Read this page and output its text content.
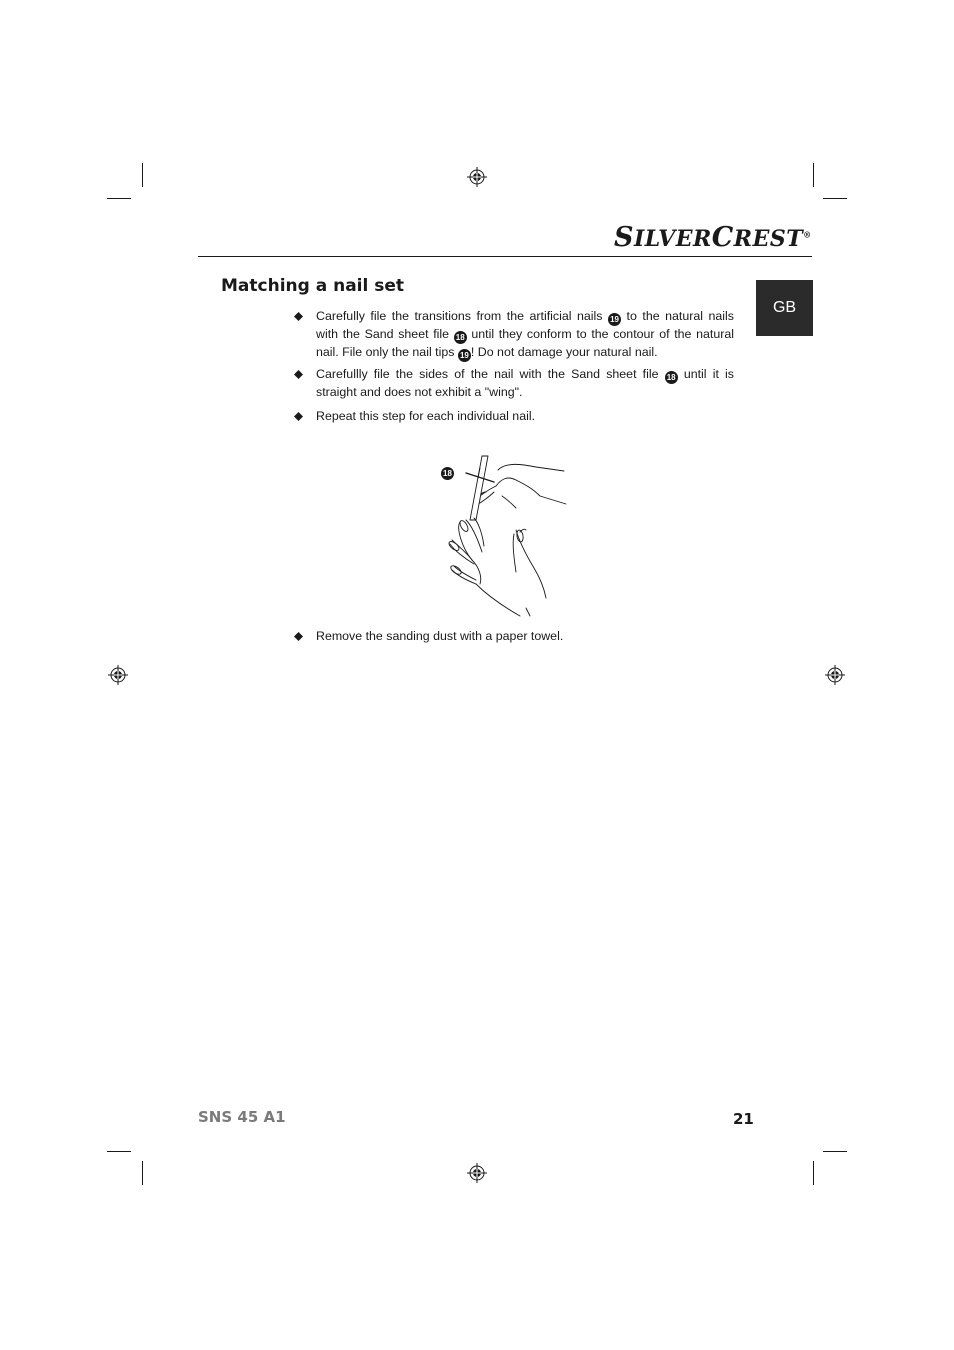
SILVERCREST®
GB
Matching a nail set
Carefully file the transitions from the artificial nails 19 to the natural nails with the Sand sheet file 18 until they conform to the contour of the natural nail. File only the nail tips 19 ! Do not damage your natural nail.
Carefullly file the sides of the nail with the Sand sheet file 18 until it is straight and does not exhibit a "wing".
Repeat this step for each individual nail.
18
Remove the sanding dust with a paper towel.
SNS 45 A1	21
